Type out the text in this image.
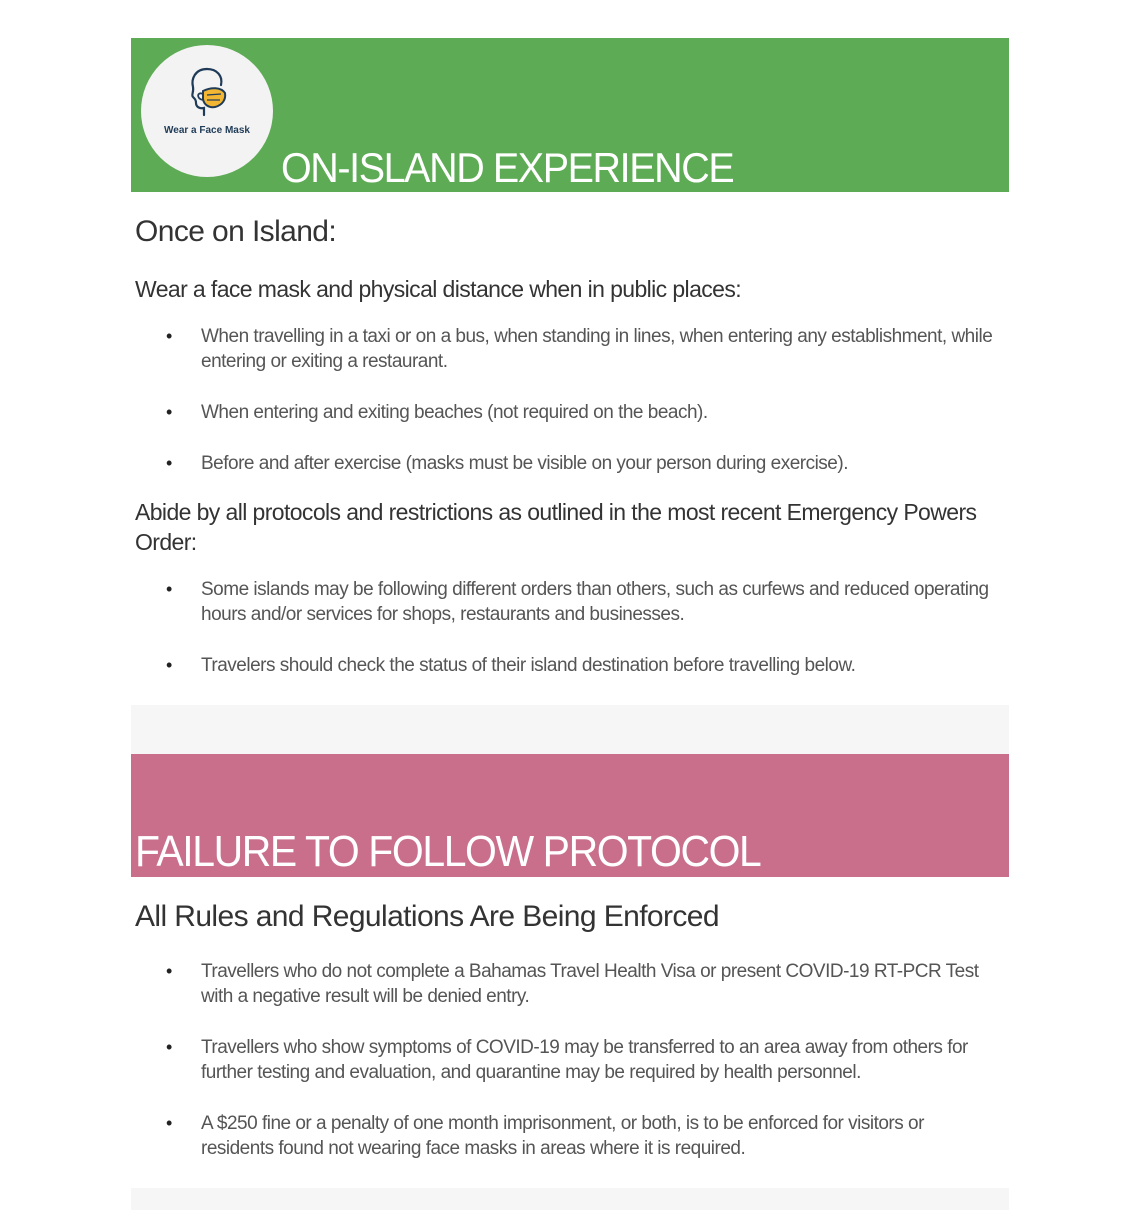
Wear a Face Mask
ON-ISLAND EXPERIENCE
Once on Island:
Wear a face mask and physical distance when in public places:
• When travelling in a taxi or on a bus, when standing in lines, when entering any establishment, while entering or exiting a restaurant.
• When entering and exiting beaches (not required on the beach).
• Before and after exercise (masks must be visible on your person during exercise).
Abide by all protocols and restrictions as outlined in the most recent Emergency Powers Order:
• Some islands may be following different orders than others, such as curfews and reduced operating hours and/or services for shops, restaurants and businesses.
• Travelers should check the status of their island destination before travelling below.
FAILURE TO FOLLOW PROTOCOL
All Rules and Regulations Are Being Enforced
• Travellers who do not complete a Bahamas Travel Health Visa or present COVID-19 RT-PCR Test with a negative result will be denied entry.
• Travellers who show symptoms of COVID-19 may be transferred to an area away from others for further testing and evaluation, and quarantine may be required by health personnel.
• A $250 fine or a penalty of one month imprisonment, or both, is to be enforced for visitors or residents found not wearing face masks in areas where it is required.
